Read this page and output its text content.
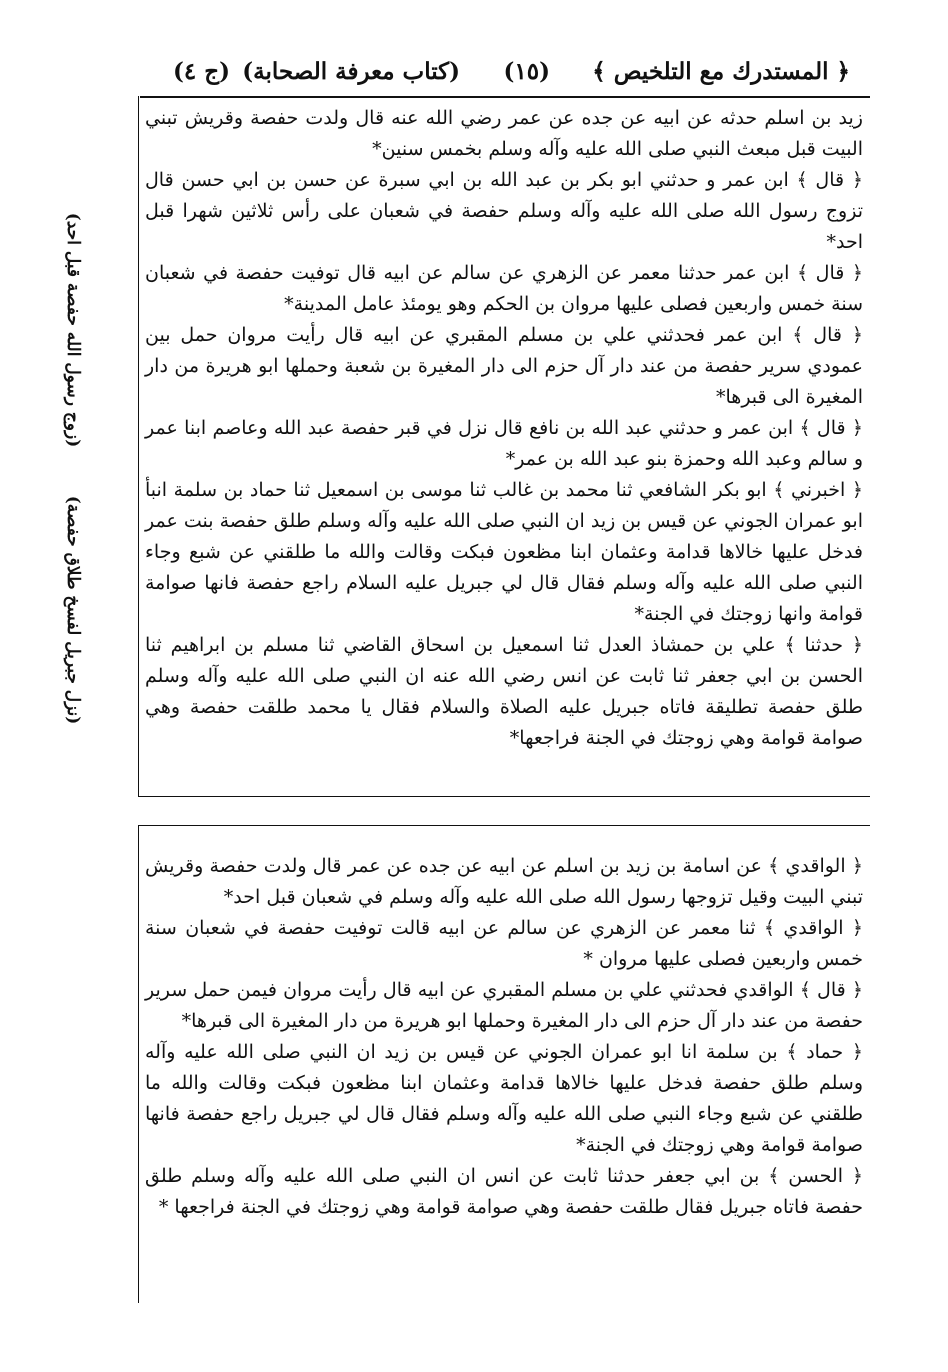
﴿ المستدرك مع التلخيص ﴾
(١٥)
(كتاب معرفة الصحابة)
(ج ٤)
(زوج رسول الله حفصة قبل احد)
(نزل جبريل لفسخ طلاق حفصة)

زيد بن اسلم حدثه عن ابيه عن جده عن عمر رضي الله عنه قال ولدت حفصة وقريش تبني البيت قبل مبعث النبي صلى الله عليه وآله وسلم بخمس سنين*

﴿ قال ﴾ ابن عمر و حدثني ابو بكر بن عبد الله بن ابي سبرة عن حسن بن ابي حسن قال تزوج رسول الله صلى الله عليه وآله وسلم حفصة في شعبان على رأس ثلاثين شهرا قبل احد*

﴿ قال ﴾ ابن عمر حدثنا معمر عن الزهري عن سالم عن ابيه قال توفيت حفصة في شعبان سنة خمس واربعين فصلى عليها مروان بن الحكم وهو يومئذ عامل المدينة*

﴿ قال ﴾ ابن عمر فحدثني علي بن مسلم المقبري عن ابيه قال رأيت مروان حمل بين عمودي سرير حفصة من عند دار آل حزم الى دار المغيرة بن شعبة وحملها ابو هريرة من دار المغيرة الى قبرها*

﴿ قال ﴾ ابن عمر و حدثني عبد الله بن نافع قال نزل في قبر حفصة عبد الله وعاصم ابنا عمر و سالم وعبد الله وحمزة بنو عبد الله بن عمر*

﴿ اخبرني ﴾ ابو بكر الشافعي ثنا محمد بن غالب ثنا موسى بن اسمعيل ثنا حماد بن سلمة انبأ ابو عمران الجوني عن قيس بن زيد ان النبي صلى الله عليه وآله وسلم طلق حفصة بنت عمر فدخل عليها خالاها قدامة وعثمان ابنا مظعون فبكت وقالت والله ما طلقني عن شبع وجاء النبي صلى الله عليه وآله وسلم فقال قال لي جبريل عليه السلام راجع حفصة فانها صوامة قوامة وانها زوجتك في الجنة*

﴿ حدثنا ﴾ علي بن حمشاذ العدل ثنا اسمعيل بن اسحاق القاضي ثنا مسلم بن ابراهيم ثنا الحسن بن ابي جعفر ثنا ثابت عن انس رضي الله عنه ان النبي صلى الله عليه وآله وسلم طلق حفصة تطليقة فاتاه جبريل عليه الصلاة والسلام فقال يا محمد طلقت حفصة وهي صوامة قوامة وهي زوجتك في الجنة فراجعها*

﴿ الواقدي ﴾ عن اسامة بن زيد بن اسلم عن ابيه عن جده عن عمر قال ولدت حفصة وقريش تبني البيت وقيل تزوجها رسول الله صلى الله عليه وآله وسلم في شعبان قبل احد*

﴿ الواقدي ﴾ ثنا معمر عن الزهري عن سالم عن ابيه قالت توفيت حفصة في شعبان سنة خمس واربعين فصلى عليها مروان *

﴿ قال ﴾ الواقدي فحدثني علي بن مسلم المقبري عن ابيه قال رأيت مروان فيمن حمل سرير حفصة من عند دار آل حزم الى دار المغيرة وحملها ابو هريرة من دار المغيرة الى قبرها*

﴿ حماد ﴾ بن سلمة انا ابو عمران الجوني عن قيس بن زيد ان النبي صلى الله عليه وآله وسلم طلق حفصة فدخل عليها خالاها قدامة وعثمان ابنا مظعون فبكت وقالت والله ما طلقني عن شبع وجاء النبي صلى الله عليه وآله وسلم فقال قال لي جبريل راجع حفصة فانها صوامة قوامة وهي زوجتك في الجنة*

﴿ الحسن ﴾ بن ابي جعفر حدثنا ثابت عن انس ان النبي صلى الله عليه وآله وسلم طلق حفصة فاتاه جبريل فقال طلقت حفصة وهي صوامة قوامة وهي زوجتك في الجنة فراجعها *
